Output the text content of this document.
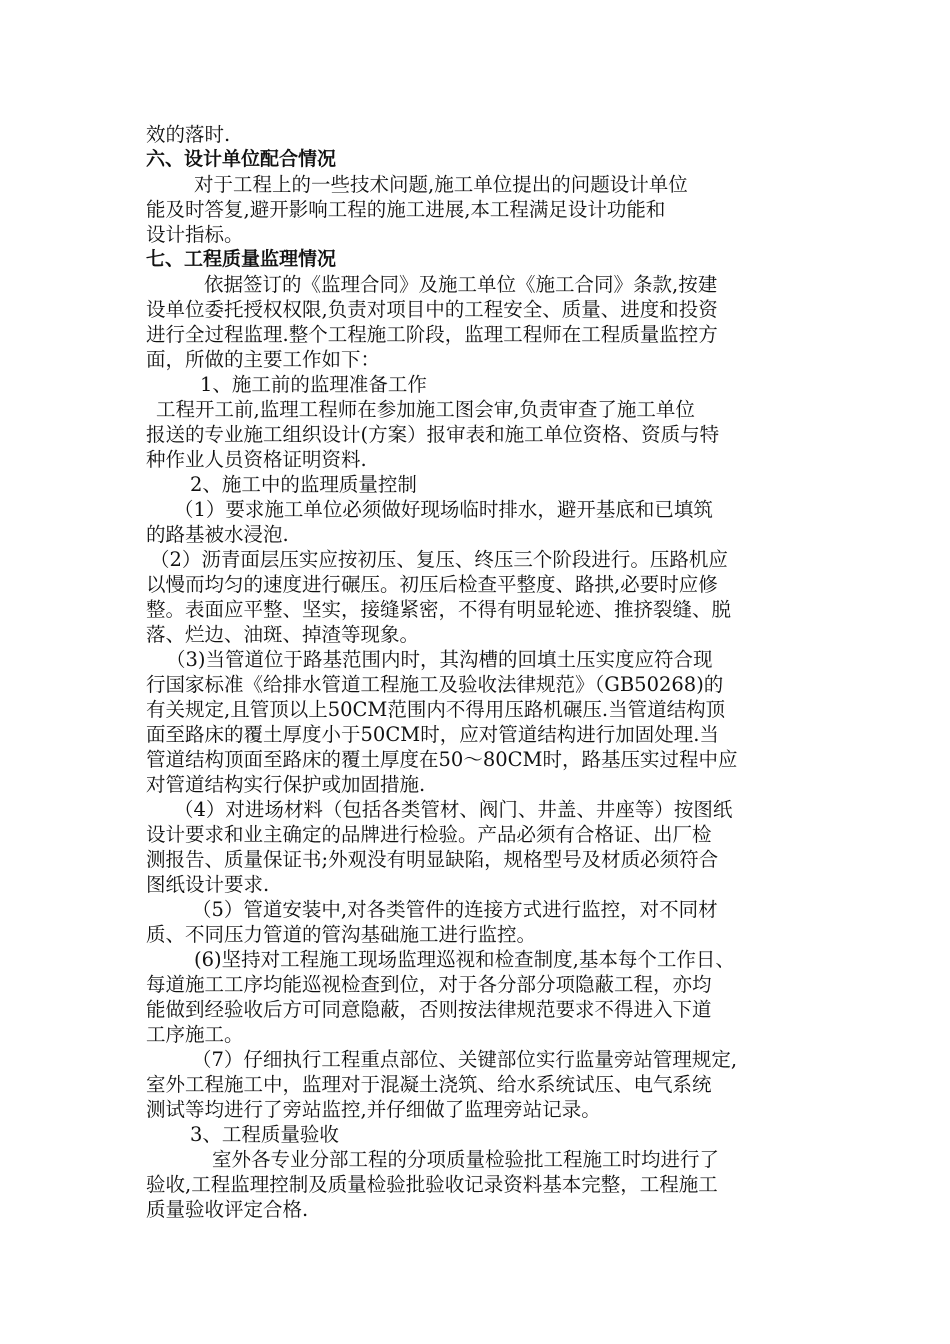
效的落时.
六、设计单位配合情况
对于工程上的一些技术问题,施工单位提出的问题设计单位
能及时答复,避开影响工程的施工进展,本工程满足设计功能和
设计指标。
七、工程质量监理情况
依据签订的《监理合同》及施工单位《施工合同》条款,按建
设单位委托授权权限,负责对项目中的工程安全、质量、进度和投资
进行全过程监理.整个工程施工阶段，监理工程师在工程质量监控方
面，所做的主要工作如下：
1、施工前的监理准备工作
工程开工前,监理工程师在参加施工图会审,负责审查了施工单位
报送的专业施工组织设计(方案）报审表和施工单位资格、资质与特
种作业人员资格证明资料.
2、施工中的监理质量控制
（1）要求施工单位必须做好现场临时排水，避开基底和已填筑
的路基被水浸泡.
（2）沥青面层压实应按初压、复压、终压三个阶段进行。压路机应
以慢而均匀的速度进行碾压。初压后检查平整度、路拱,必要时应修
整。表面应平整、坚实，接缝紧密，不得有明显轮迹、推挤裂缝、脱
落、烂边、油斑、掉渣等现象。
（3)当管道位于路基范围内时，其沟槽的回填土压实度应符合现
行国家标准《给排水管道工程施工及验收法律规范》（GB50268)的
有关规定,且管顶以上50CM范围内不得用压路机碾压.当管道结构顶
面至路床的覆土厚度小于50CM时，应对管道结构进行加固处理.当
管道结构顶面至路床的覆土厚度在50～80CM时，路基压实过程中应
对管道结构实行保护或加固措施.
（4）对进场材料（包括各类管材、阀门、井盖、井座等）按图纸
设计要求和业主确定的品牌进行检验。产品必须有合格证、出厂检
测报告、质量保证书;外观没有明显缺陷，规格型号及材质必须符合
图纸设计要求.
（5）管道安装中,对各类管件的连接方式进行监控，对不同材
质、不同压力管道的管沟基础施工进行监控。
(6)坚持对工程施工现场监理巡视和检查制度,基本每个工作日、
每道施工工序均能巡视检查到位，对于各分部分项隐蔽工程，亦均
能做到经验收后方可同意隐蔽，否则按法律规范要求不得进入下道
工序施工。
（7）仔细执行工程重点部位、关键部位实行监量旁站管理规定,
室外工程施工中，监理对于混凝土浇筑、给水系统试压、电气系统
测试等均进行了旁站监控,并仔细做了监理旁站记录。
3、工程质量验收
室外各专业分部工程的分项质量检验批工程施工时均进行了
验收,工程监理控制及质量检验批验收记录资料基本完整，工程施工
质量验收评定合格.
